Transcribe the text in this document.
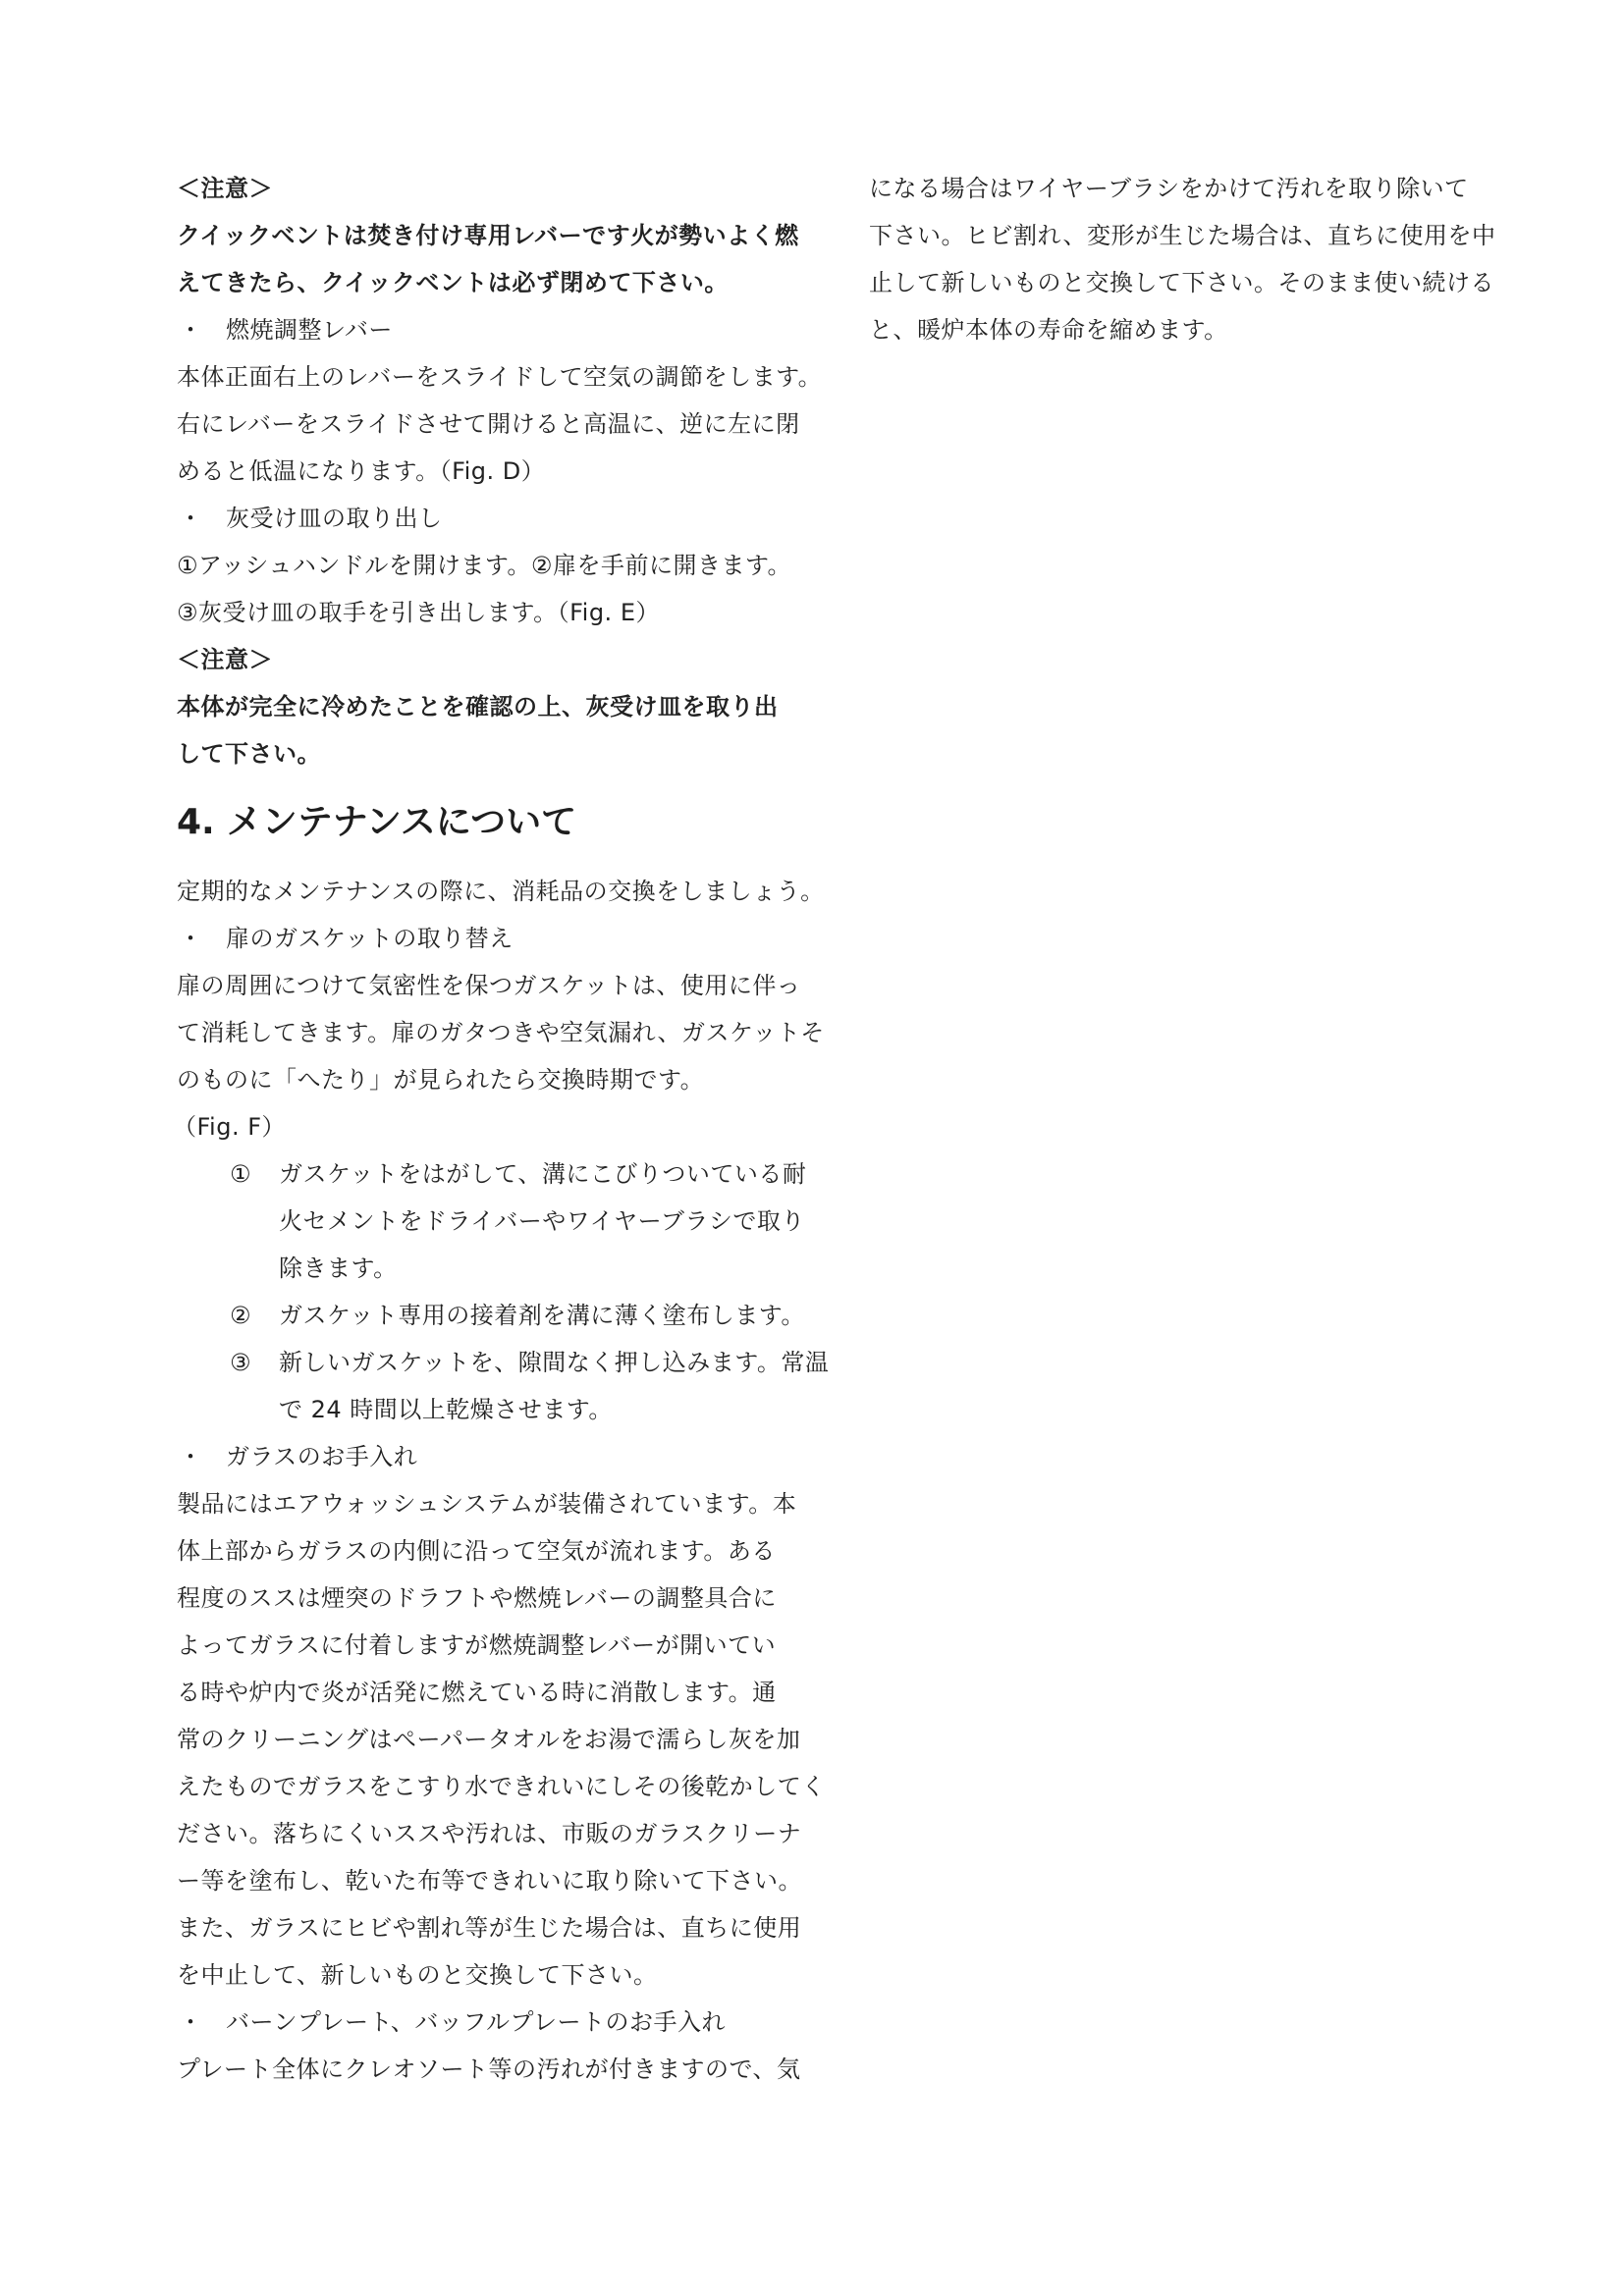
＜注意＞
クイックベントは焚き付け専用レバーです火が勢いよく燃
えてきたら、クイックベントは必ず閉めて下さい。
・ 燃焼調整レバー
本体正面右上のレバーをスライドして空気の調節をします。
右にレバーをスライドさせて開けると高温に、逆に左に閉
めると低温になります。（Fig. D）
・ 灰受け皿の取り出し
①アッシュハンドルを開けます。②扉を手前に開きます。
③灰受け皿の取手を引き出します。（Fig. E）
＜注意＞
本体が完全に冷めたことを確認の上、灰受け皿を取り出
して下さい。
4. メンテナンスについて
定期的なメンテナンスの際に、消耗品の交換をしましょう。
・ 扉のガスケットの取り替え
扉の周囲につけて気密性を保つガスケットは、使用に伴っ
て消耗してきます。扉のガタつきや空気漏れ、ガスケットそ
のものに「へたり」が見られたら交換時期です。
（Fig. F）
① ガスケットをはがして、溝にこびりついている耐
火セメントをドライバーやワイヤーブラシで取り
除きます。
② ガスケット専用の接着剤を溝に薄く塗布します。
③ 新しいガスケットを、隙間なく押し込みます。常温
で 24 時間以上乾燥させます。
・ ガラスのお手入れ
製品にはエアウォッシュシステムが装備されています。本
体上部からガラスの内側に沿って空気が流れます。ある
程度のススは煙突のドラフトや燃焼レバーの調整具合に
よってガラスに付着しますが燃焼調整レバーが開いてい
る時や炉内で炎が活発に燃えている時に消散します。通
常のクリーニングはペーパータオルをお湯で濡らし灰を加
えたものでガラスをこすり水できれいにしその後乾かしてく
ださい。落ちにくいススや汚れは、市販のガラスクリーナ
ー等を塗布し、乾いた布等できれいに取り除いて下さい。
また、ガラスにヒビや割れ等が生じた場合は、直ちに使用
を中止して、新しいものと交換して下さい。
・ バーンプレート、バッフルプレートのお手入れ
プレート全体にクレオソート等の汚れが付きますので、気
になる場合はワイヤーブラシをかけて汚れを取り除いて
下さい。ヒビ割れ、変形が生じた場合は、直ちに使用を中
止して新しいものと交換して下さい。そのまま使い続ける
と、暖炉本体の寿命を縮めます。
